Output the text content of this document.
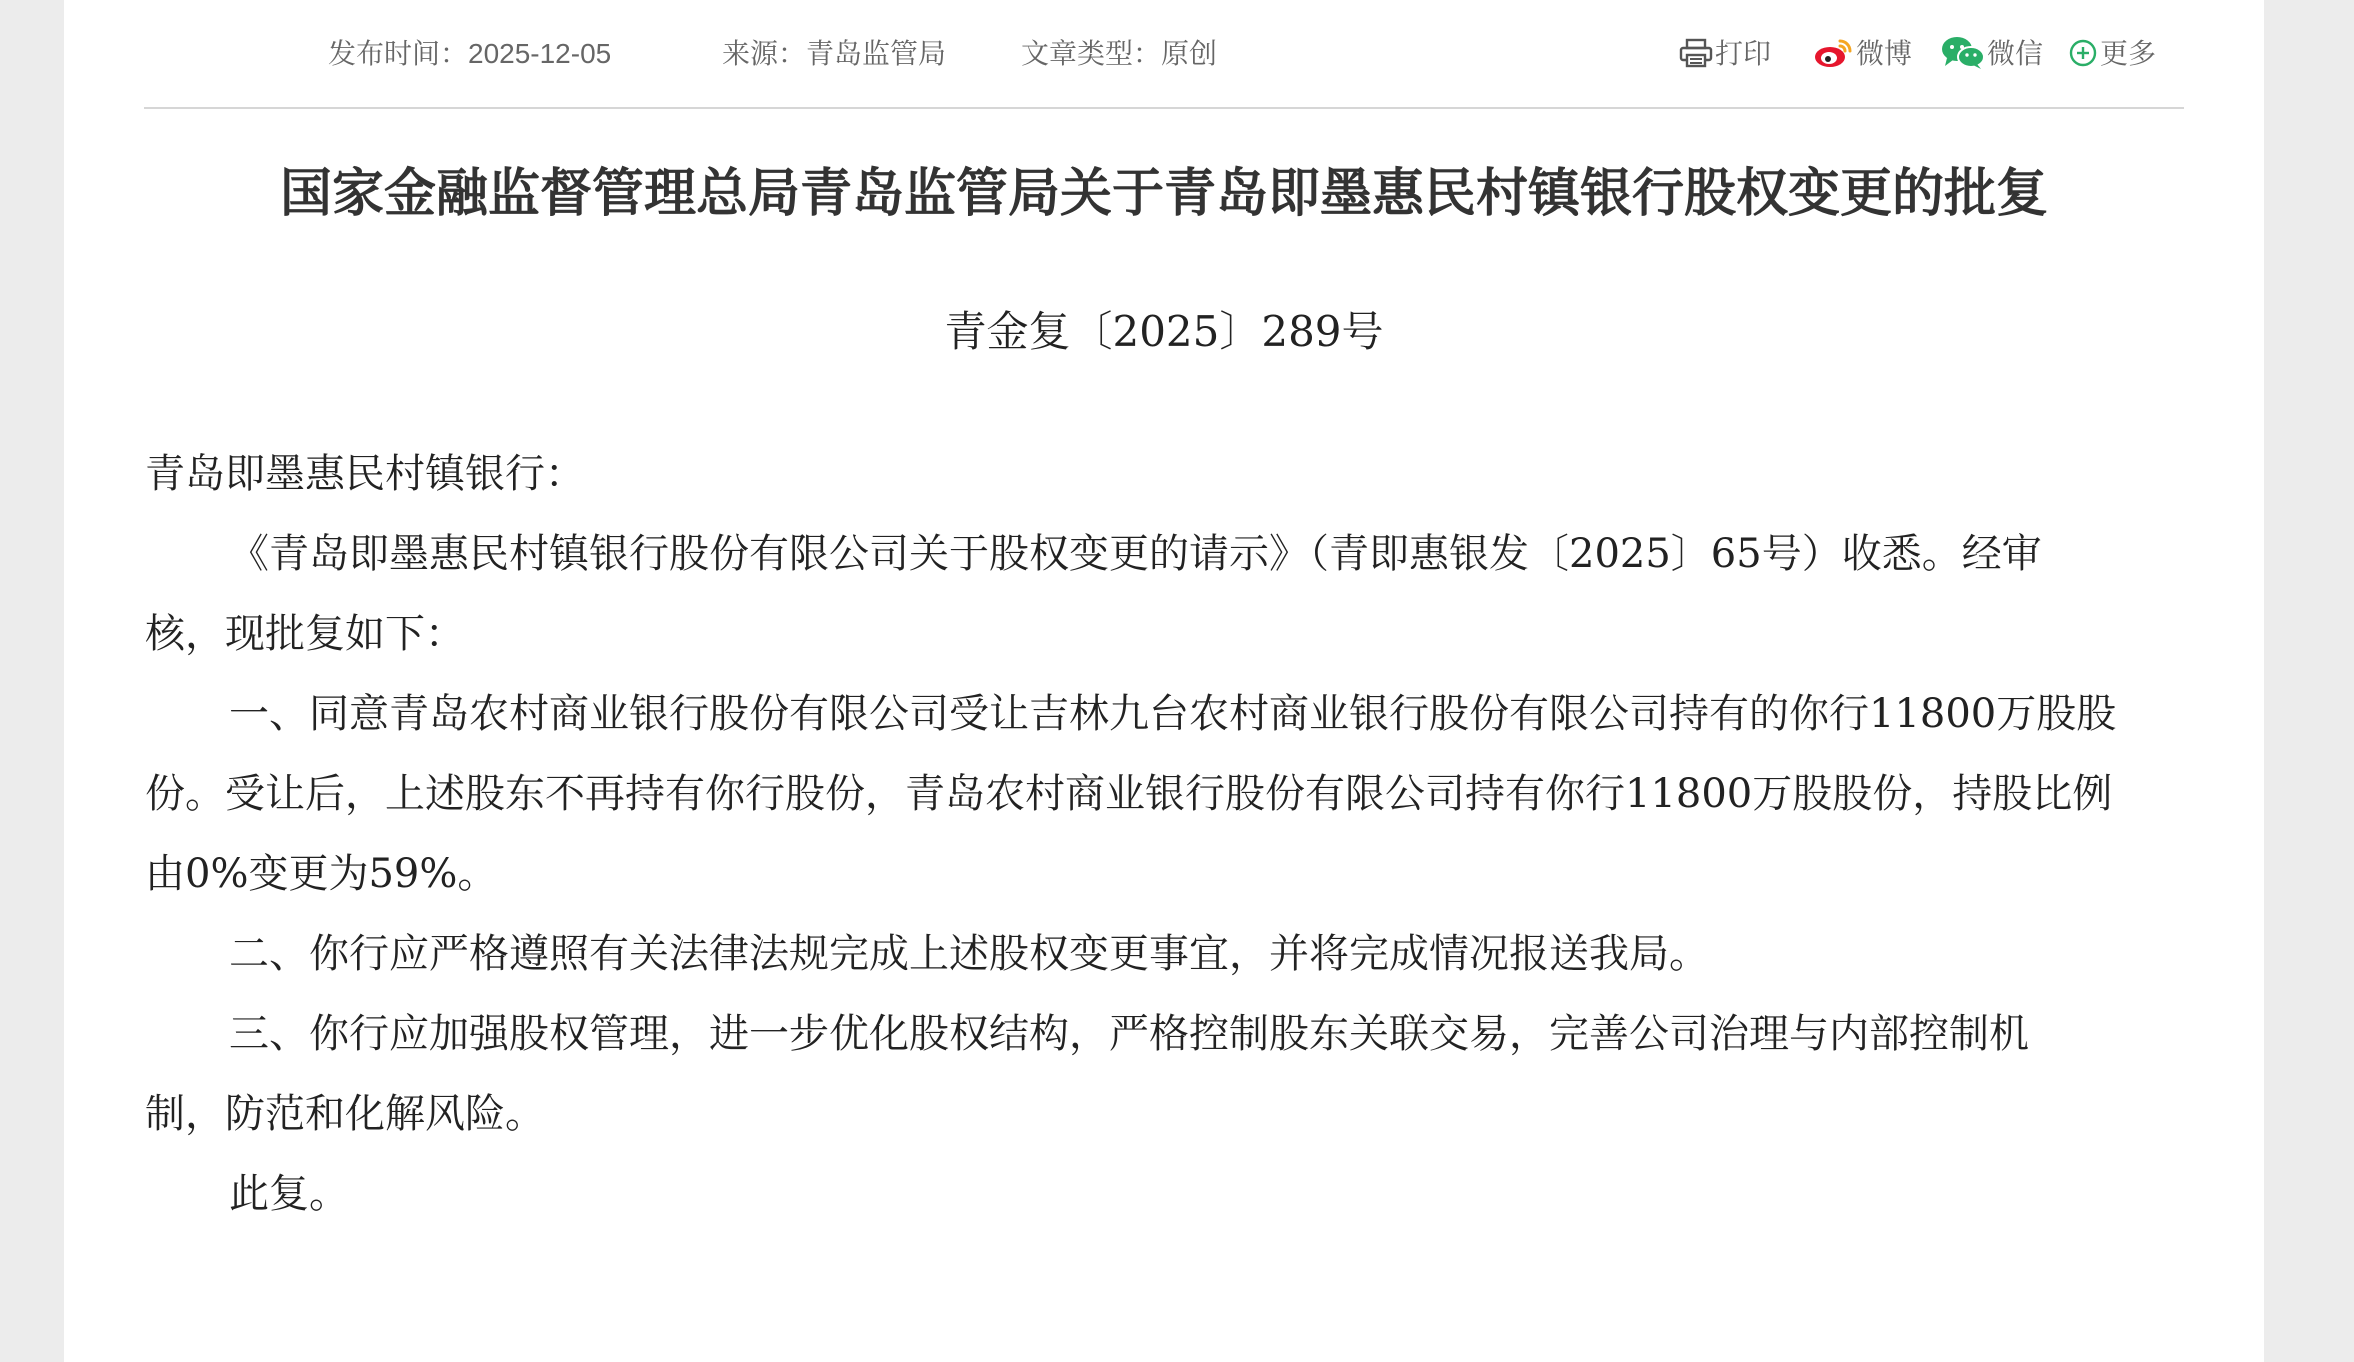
发布时间：2025-12-05	来源：青岛监管局	文章类型：原创	打印	微博	微信	更多
国家金融监督管理总局青岛监管局关于青岛即墨惠民村镇银行股权变更的批复
青金复〔2025〕289号

青岛即墨惠民村镇银行：

《青岛即墨惠民村镇银行股份有限公司关于股权变更的请示》（青即惠银发〔2025〕65号）收悉。经审

核，现批复如下：

一、同意青岛农村商业银行股份有限公司受让吉林九台农村商业银行股份有限公司持有的你行11800万股股

份。受让后，上述股东不再持有你行股份，青岛农村商业银行股份有限公司持有你行11800万股股份，持股比例

由0%变更为59%。

二、你行应严格遵照有关法律法规完成上述股权变更事宜，并将完成情况报送我局。

三、你行应加强股权管理，进一步优化股权结构，严格控制股东关联交易，完善公司治理与内部控制机

制，防范和化解风险。

此复。
